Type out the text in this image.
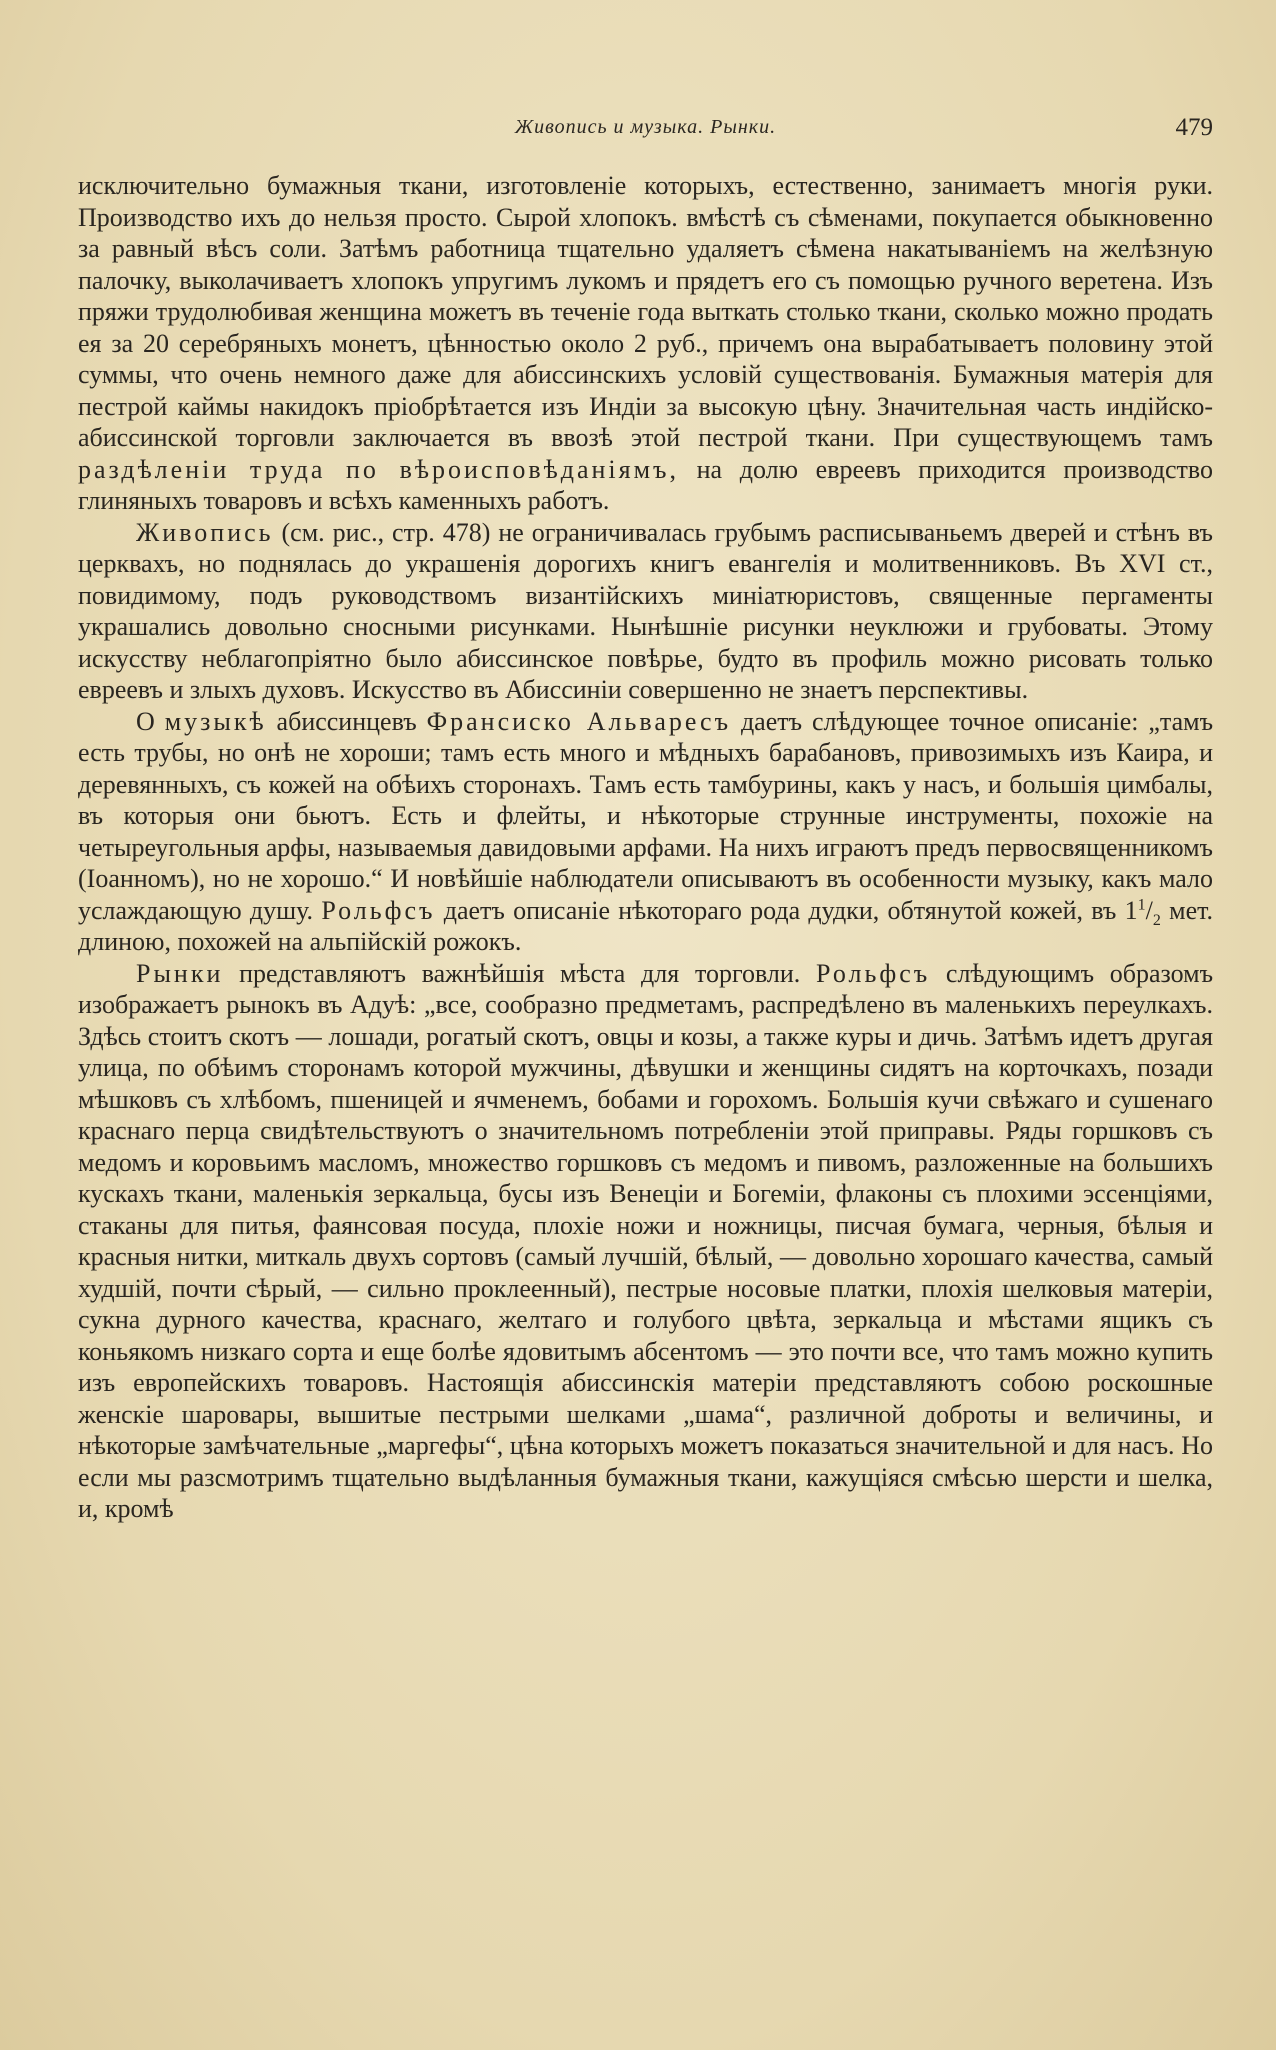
Живопись и музыка. Рынки.	479

исключительно бумажныя ткани, изготовленіе которыхъ, естественно, занимаетъ многія руки. Производство ихъ до нельзя просто. Сырой хлопокъ. вмѣстѣ съ сѣменами, покупается обыкновенно за равный вѣсъ соли. Затѣмъ работница тщательно удаляетъ сѣмена накатываніемъ на желѣзную палочку, выколачиваетъ хлопокъ упругимъ лукомъ и прядетъ его съ помощью ручного веретена. Изъ пряжи трудолюбивая женщина можетъ въ теченіе года выткать столько ткани, сколько можно продать ея за 20 серебряныхъ монетъ, цѣнностью около 2 руб., причемъ она вырабатываетъ половину этой суммы, что очень немного даже для абиссинскихъ условій существованія. Бумажныя матерія для пестрой каймы накидокъ пріобрѣтается изъ Индіи за высокую цѣну. Значительная часть индійско-абиссинской торговли заключается въ ввозѣ этой пестрой ткани. При существующемъ тамъ раздѣленіи труда по вѣроисповѣданіямъ, на долю евреевъ приходится производство глиняныхъ товаровъ и всѣхъ каменныхъ работъ.

Живопись (см. рис., стр. 478) не ограничивалась грубымъ расписываньемъ дверей и стѣнъ въ церквахъ, но поднялась до украшенія дорогихъ книгъ евангелія и молитвенниковъ. Въ XVI ст., повидимому, подъ руководствомъ византійскихъ миніатюристовъ, священные пергаменты украшались довольно сносными рисунками. Нынѣшніе рисунки неуклюжи и грубоваты. Этому искусству неблагопріятно было абиссинское повѣрье, будто въ профиль можно рисовать только евреевъ и злыхъ духовъ. Искусство въ Абиссиніи совершенно не знаетъ перспективы.

О музыкѣ абиссинцевъ Франсиско Альваресъ даетъ слѣдующее точное описаніе: „тамъ есть трубы, но онѣ не хороши; тамъ есть много и мѣдныхъ барабановъ, привозимыхъ изъ Каира, и деревянныхъ, съ кожей на обѣихъ сторонахъ. Тамъ есть тамбурины, какъ у насъ, и большія цимбалы, въ которыя они бьютъ. Есть и флейты, и нѣкоторые струнные инструменты, похожіе на четыреугольныя арфы, называемыя давидовыми арфами. На нихъ играютъ предъ первосвященникомъ (Іоанномъ), но не хорошо.“ И новѣйшіе наблюдатели описываютъ въ особенности музыку, какъ мало услаждающую душу. Рольфсъ даетъ описаніе нѣкотораго рода дудки, обтянутой кожей, въ $1^1/_2$ мет. длиною, похожей на альпійскій рожокъ.

Рынки представляютъ важнѣйшія мѣста для торговли. Рольфсъ слѣдующимъ образомъ изображаетъ рынокъ въ Адуѣ: „все, сообразно предметамъ, распредѣлено въ маленькихъ переулкахъ. Здѣсь стоитъ скотъ — лошади, рогатый скотъ, овцы и козы, а также куры и дичь. Затѣмъ идетъ другая улица, по обѣимъ сторонамъ которой мужчины, дѣвушки и женщины сидятъ на корточкахъ, позади мѣшковъ съ хлѣбомъ, пшеницей и ячменемъ, бобами и горохомъ. Большія кучи свѣжаго и сушенаго краснаго перца свидѣтельствуютъ о значительномъ потребленіи этой приправы. Ряды горшковъ съ медомъ и коровьимъ масломъ, множество горшковъ съ медомъ и пивомъ, разложенные на большихъ кускахъ ткани, маленькія зеркальца, бусы изъ Венеціи и Богеміи, флаконы съ плохими эссенціями, стаканы для питья, фаянсовая посуда, плохіе ножи и ножницы, писчая бумага, черныя, бѣлыя и красныя нитки, миткаль двухъ сортовъ (самый лучшій, бѣлый, — довольно хорошаго качества, самый худшій, почти сѣрый, — сильно проклеенный), пестрые носовые платки, плохія шелковыя матеріи, сукна дурного качества, краснаго, желтаго и голубого цвѣта, зеркальца и мѣстами ящикъ съ коньякомъ низкаго сорта и еще болѣе ядовитымъ абсентомъ — это почти все, что тамъ можно купить изъ европейскихъ товаровъ. Настоящія абиссинскія матеріи представляютъ собою роскошные женскіе шаровары, вышитые пестрыми шелками „шама“, различной доброты и величины, и нѣкоторые замѣчательные „маргефы“, цѣна которыхъ можетъ показаться значительной и для насъ. Но если мы разсмотримъ тщательно выдѣланныя бумажныя ткани, кажущіяся смѣсью шерсти и шелка, и, кромѣ
